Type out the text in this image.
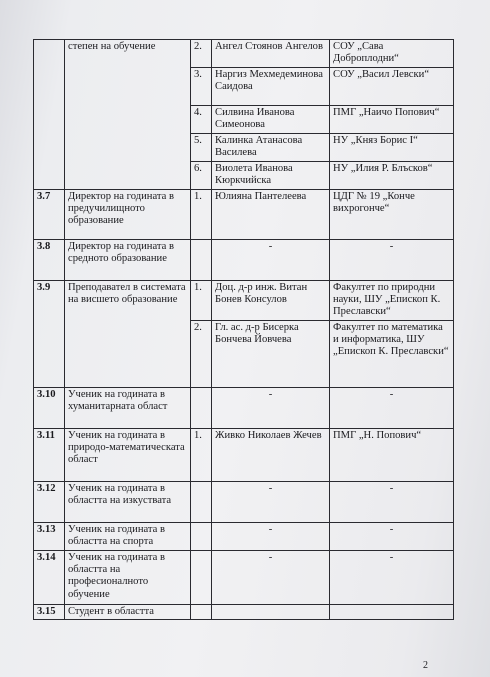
	степен на обучение	2.	Ангел Стоянов Ангелов	СОУ „Сава Доброплодни“
		3.	Наргиз Мехмедеминова Саидова	СОУ „Васил Левски“
		4.	Силвина Иванова Симеонова	ПМГ „Наичо Попович“
		5.	Калинка Атанасова Василева	НУ „Княз Борис I“
		6.	Виолета Иванова Кюркчийска	НУ „Илия Р. Блъсков“
3.7	Директор на годината в предучилищното образование	1.	Юлияна Пантелеева	ЦДГ № 19 „Конче вихрогонче“
3.8	Директор на годината в средното образование		-	-
3.9	Преподавател в системата на висшето образование	1.	Доц. д-р инж. Витан Бонев Консулов	Факултет по природни науки, ШУ „Епископ К. Преславски“
		2.	Гл. ас. д-р Бисерка Бончева Йовчева	Факултет по математика и информатика, ШУ „Епископ К. Преславски“
3.10	Ученик на годината в хуманитарната област		-	-
3.11	Ученик на годината в природо-математическата област	1.	Живко Николаев Жечев	ПМГ „Н. Попович“
3.12	Ученик на годината в областта на изкуствата		-	-
3.13	Ученик на годината в областта на спорта		-	-
3.14	Ученик на годината в областта на професионалното обучение		-	-
3.15	Студент в областта			
2
